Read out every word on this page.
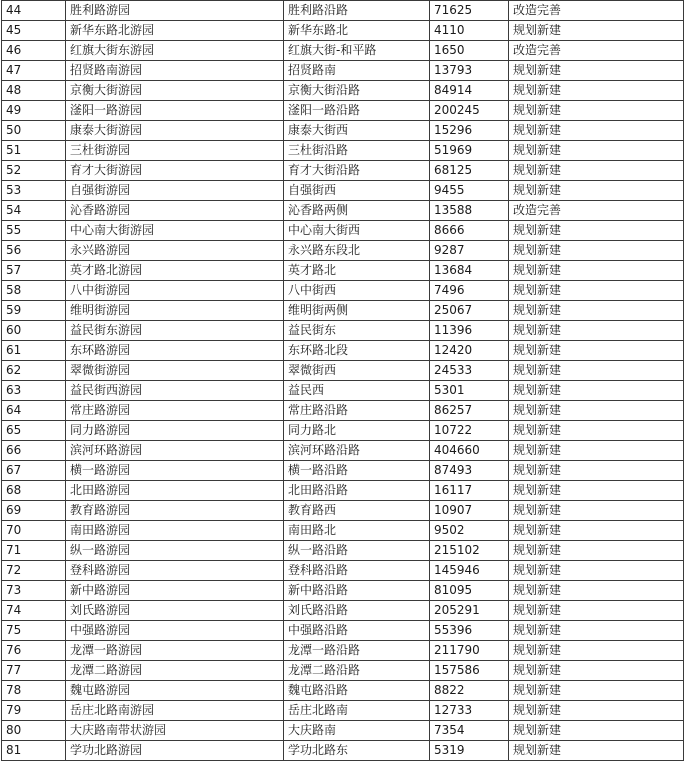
44	胜利路游园	胜利路沿路	71625	改造完善
45	新华东路北游园	新华东路北	4110	规划新建
46	红旗大街东游园	红旗大街-和平路	1650	改造完善
47	招贤路南游园	招贤路南	13793	规划新建
48	京衡大街游园	京衡大街沿路	84914	规划新建
49	滏阳一路游园	滏阳一路沿路	200245	规划新建
50	康泰大街游园	康泰大街西	15296	规划新建
51	三杜街游园	三杜街沿路	51969	规划新建
52	育才大街游园	育才大街沿路	68125	规划新建
53	自强街游园	自强街西	9455	规划新建
54	沁香路游园	沁香路两侧	13588	改造完善
55	中心南大街游园	中心南大街西	8666	规划新建
56	永兴路游园	永兴路东段北	9287	规划新建
57	英才路北游园	英才路北	13684	规划新建
58	八中街游园	八中街西	7496	规划新建
59	维明街游园	维明街两侧	25067	规划新建
60	益民街东游园	益民街东	11396	规划新建
61	东环路游园	东环路北段	12420	规划新建
62	翠微街游园	翠微街西	24533	规划新建
63	益民街西游园	益民西	5301	规划新建
64	常庄路游园	常庄路沿路	86257	规划新建
65	同力路游园	同力路北	10722	规划新建
66	滨河环路游园	滨河环路沿路	404660	规划新建
67	横一路游园	横一路沿路	87493	规划新建
68	北田路游园	北田路沿路	16117	规划新建
69	教育路游园	教育路西	10907	规划新建
70	南田路游园	南田路北	9502	规划新建
71	纵一路游园	纵一路沿路	215102	规划新建
72	登科路游园	登科路沿路	145946	规划新建
73	新中路游园	新中路沿路	81095	规划新建
74	刘氏路游园	刘氏路沿路	205291	规划新建
75	中强路游园	中强路沿路	55396	规划新建
76	龙潭一路游园	龙潭一路沿路	211790	规划新建
77	龙潭二路游园	龙潭二路沿路	157586	规划新建
78	魏屯路游园	魏屯路沿路	8822	规划新建
79	岳庄北路南游园	岳庄北路南	12733	规划新建
80	大庆路南带状游园	大庆路南	7354	规划新建
81	学功北路游园	学功北路东	5319	规划新建
